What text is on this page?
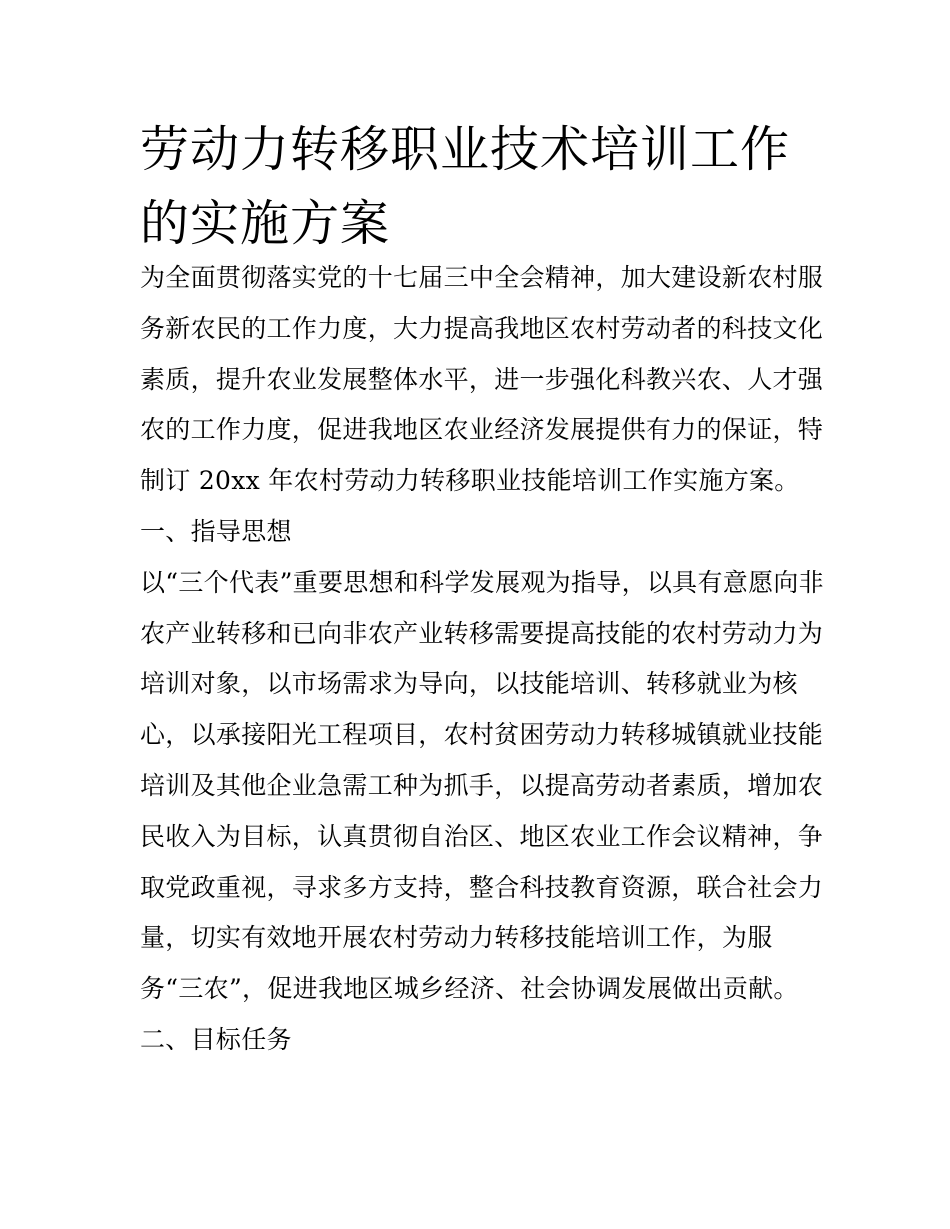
劳动力转移职业技术培训工作
的实施方案
为全面贯彻落实党的十七届三中全会精神，加大建设新农村服
务新农民的工作力度，大力提高我地区农村劳动者的科技文化
素质，提升农业发展整体水平，进一步强化科教兴农、人才强
农的工作力度，促进我地区农业经济发展提供有力的保证，特
制订 20xx 年农村劳动力转移职业技能培训工作实施方案。
一、指导思想
以“三个代表”重要思想和科学发展观为指导，以具有意愿向非
农产业转移和已向非农产业转移需要提高技能的农村劳动力为
培训对象，以市场需求为导向，以技能培训、转移就业为核
心，以承接阳光工程项目，农村贫困劳动力转移城镇就业技能
培训及其他企业急需工种为抓手，以提高劳动者素质，增加农
民收入为目标，认真贯彻自治区、地区农业工作会议精神，争
取党政重视，寻求多方支持，整合科技教育资源，联合社会力
量，切实有效地开展农村劳动力转移技能培训工作，为服
务“三农”，促进我地区城乡经济、社会协调发展做出贡献。
二、目标任务
